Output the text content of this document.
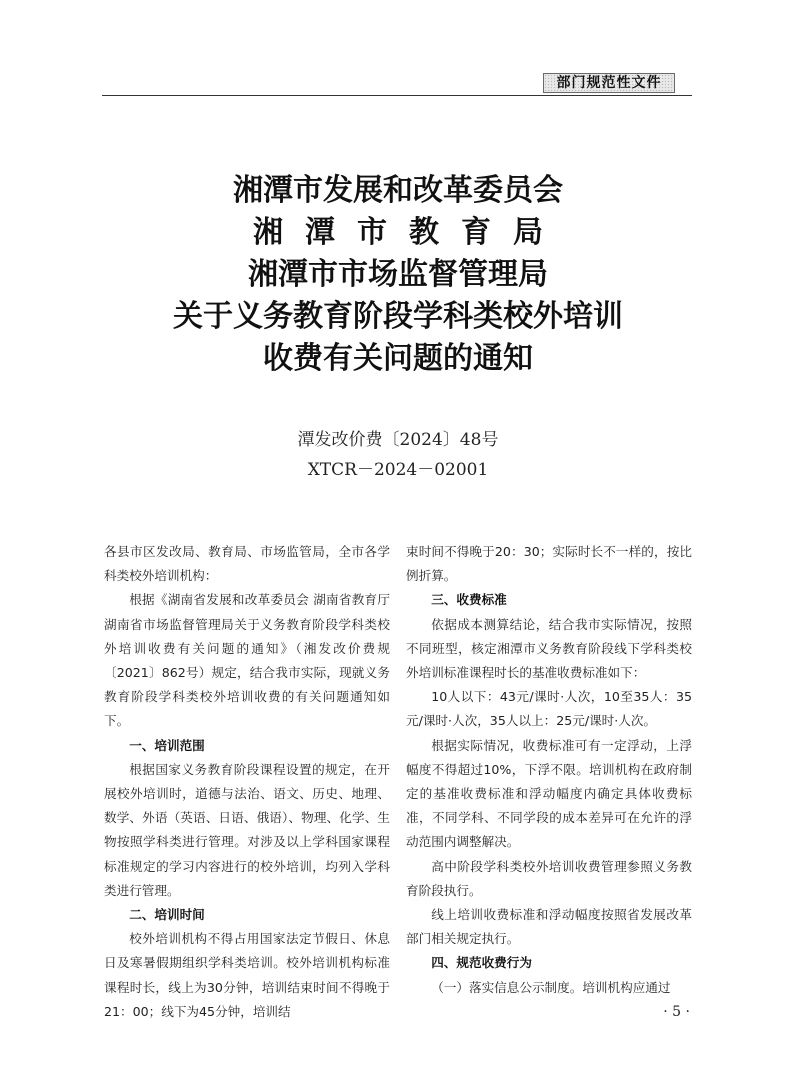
部门规范性文件
湘潭市发展和改革委员会
湘潭市教育局
湘潭市市场监督管理局
关于义务教育阶段学科类校外培训
收费有关问题的通知
潭发改价费〔2024〕48号
XTCR－2024－02001

各县市区发改局、教育局、市场监管局，全市各学科类校外培训机构：

根据《湖南省发展和改革委员会 湖南省教育厅 湖南省市场监督管理局关于义务教育阶段学科类校外培训收费有关问题的通知》（湘发改价费规〔2021〕862号）规定，结合我市实际，现就义务教育阶段学科类校外培训收费的有关问题通知如下。

一、培训范围

根据国家义务教育阶段课程设置的规定，在开展校外培训时，道德与法治、语文、历史、地理、数学、外语（英语、日语、俄语）、物理、化学、生物按照学科类进行管理。对涉及以上学科国家课程标准规定的学习内容进行的校外培训，均列入学科类进行管理。

二、培训时间

校外培训机构不得占用国家法定节假日、休息日及寒暑假期组织学科类培训。校外培训机构标准课程时长，线上为30分钟，培训结束时间不得晚于21：00；线下为45分钟，培训结

束时间不得晚于20：30；实际时长不一样的，按比例折算。

三、收费标准

依据成本测算结论，结合我市实际情况，按照不同班型，核定湘潭市义务教育阶段线下学科类校外培训标准课程时长的基准收费标准如下：

10人以下：43元/课时·人次，10至35人：35元/课时·人次，35人以上：25元/课时·人次。

根据实际情况，收费标准可有一定浮动，上浮幅度不得超过10%，下浮不限。培训机构在政府制定的基准收费标准和浮动幅度内确定具体收费标准，不同学科、不同学段的成本差异可在允许的浮动范围内调整解决。

高中阶段学科类校外培训收费管理参照义务教育阶段执行。

线上培训收费标准和浮动幅度按照省发展改革部门相关规定执行。

四、规范收费行为

（一）落实信息公示制度。培训机构应通过

· 5 ·
